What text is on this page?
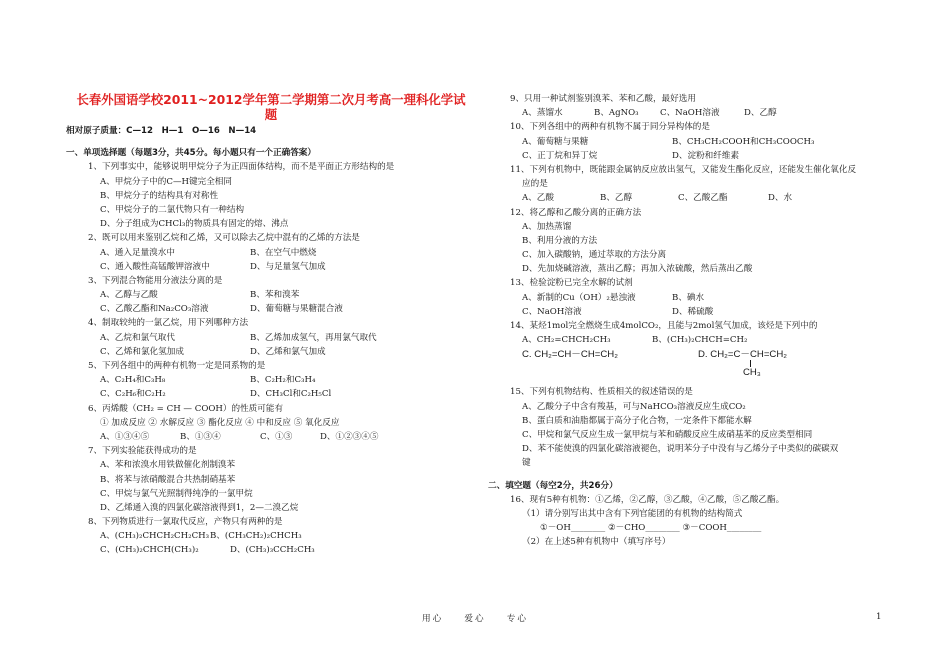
长春外国语学校2011~2012学年第二学期第二次月考高一理科化学试
题
相对原子质量：C—12　H—1　O—16　N—14
一、单项选择题（每题3分，共45分。每小题只有一个正确答案）
1、下列事实中，能够说明甲烷分子为正四面体结构，而不是平面正方形结构的是
A、甲烷分子中的C—H键完全相同
B、甲烷分子的结构具有对称性
C、甲烷分子的二氯代物只有一种结构
D、分子组成为CHCl₃的物质具有固定的熔、沸点
2、既可以用来鉴别乙烷和乙烯，又可以除去乙烷中混有的乙烯的方法是
A、通入足量溴水中	B、在空气中燃烧
C、通入酸性高锰酸钾溶液中	D、与足量氢气加成
3、下列混合物能用分液法分离的是
A、乙醇与乙酸	B、苯和溴苯
C、乙酸乙酯和Na₂CO₃溶液	D、葡萄糖与果糖混合液
4、制取较纯的一氯乙烷，用下列哪种方法
A、乙烷和氯气取代	B、乙烯加成氢气，再用氯气取代
C、乙烯和氯化氢加成	D、乙烯和氯气加成
5、下列各组中的两种有机物一定是同系物的是
A、C₂H₄和C₃H₈	B、C₂H₂和C₃H₄
C、C₂H₆和C₂H₂	D、CH₃Cl和C₂H₅Cl
6、丙烯酸（CH₂ = CH — COOH）的性质可能有
① 加成反应 ② 水解反应 ③ 酯化反应 ④ 中和反应 ⑤ 氧化反应
A、①③④⑤	B、①③④	C、①③	D、①②③④⑤
7、下列实验能获得成功的是
A、苯和浓溴水用铁做催化剂制溴苯
B、将苯与浓硝酸混合共热制硝基苯
C、甲烷与氯气光照制得纯净的一氯甲烷
D、乙烯通入溴的四氯化碳溶液得到1，2—二溴乙烷
8、下列物质进行一氯取代反应，产物只有两种的是
A、(CH₃)₂CHCH₂CH₂CH₃ B、(CH₃CH₂)₂CHCH₃
C、(CH₃)₂CHCH(CH₃)₂	D、(CH₃)₃CCH₂CH₃
9、只用一种试剂鉴别溴苯、苯和乙酸，最好选用
A、蒸馏水	B、AgNO₃	C、NaOH溶液	D、乙醇
10、下列各组中的两种有机物不属于同分异构体的是
A、葡萄糖与果糖	B、CH₃CH₂COOH和CH₃COOCH₃
C、正丁烷和异丁烷	D、淀粉和纤维素
11、下列有机物中，既能跟金属钠反应放出氢气，又能发生酯化反应，还能发生催化氧化反
应的是
A、乙酸	B、乙醇	C、乙酸乙酯	D、水
12、将乙醇和乙酸分离的正确方法
A、加热蒸馏
B、利用分液的方法
C、加入碳酸钠，通过萃取的方法分离
D、先加烧碱溶液，蒸出乙醇；再加入浓硫酸，然后蒸出乙酸
13、检验淀粉已完全水解的试剂
A、新制的Cu（OH）₂悬浊液	B、碘水
C、NaOH溶液	D、稀硫酸
14、某烃1mol完全燃烧生成4molCO₂，且能与2mol氢气加成，该烃是下列中的
A、CH₂=CHCH₂CH₃	B、(CH₃)₂CHCH=CH₂
C. CH₂=CH－CH=CH₂	D. CH₂=C－CH=CH₂
CH₃
15、下列有机物结构、性质相关的叙述错误的是
A、乙酸分子中含有羧基，可与NaHCO₃溶液反应生成CO₂
B、蛋白质和油脂都属于高分子化合物，一定条件下都能水解
C、甲烷和氯气反应生成一氯甲烷与苯和硝酸反应生成硝基苯的反应类型相同
D、苯不能使溴的四氯化碳溶液褪色，说明苯分子中没有与乙烯分子中类似的碳碳双
键
二、填空题（每空2分，共26分）
16、现有5种有机物：①乙烯，②乙醇，③乙酸，④乙酸，⑤乙酸乙酯。
（1）请分别写出其中含有下列官能团的有机物的结构简式
①－OH________ ②－CHO________ ③－COOH________
（2）在上述5种有机物中（填写序号）
用心　　爱心　　专心	1
